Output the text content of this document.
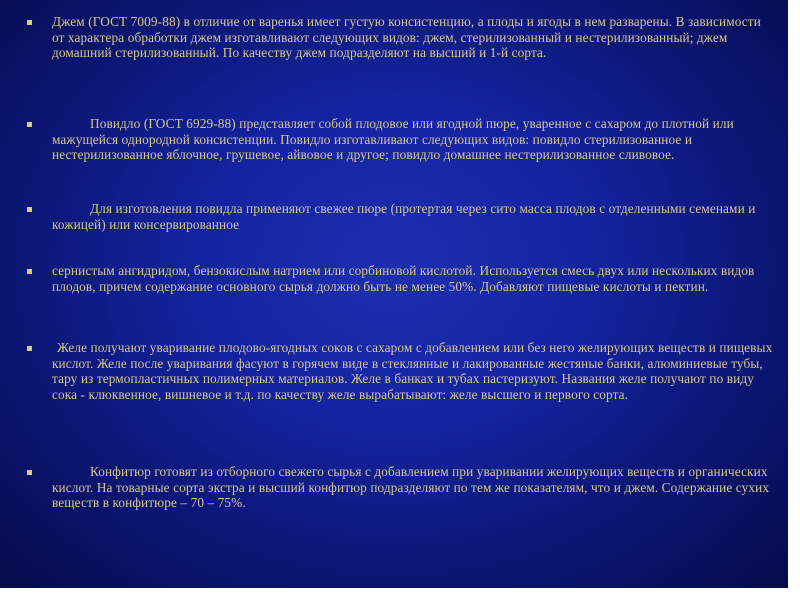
Джем (ГОСТ 7009-88) в отличие от варенья имеет густую консистенцию, а плоды и ягоды в нем разварены. В зависимости от характера обработки джем изготавливают следующих видов: джем, стерилизованный и нестерилизованный; джем домашний стерилизованный. По качеству джем подразделяют на высший и 1-й сорта.
Повидло (ГОСТ 6929-88) представляет собой плодовое или ягодной пюре, уваренное с сахаром до плотной или мажущейся однородной консистенции. Повидло изготавливают следующих видов: повидло стерилизованное и нестерилизованное яблочное, грушевое, айвовое и другое; повидло домашнее нестерилизованное сливовое.
Для изготовления повидла применяют свежее пюре (протертая через сито масса плодов с отделенными семенами и кожицей) или консервированное
сернистым ангидридом, бензокислым натрием или сорбиновой кислотой. Используется смесь двух или нескольких видов плодов, причем содержание основного сырья должно быть не менее 50%. Добавляют пищевые кислоты и пектин.
Желе получают уваривание плодово-ягодных соков с сахаром с добавлением или без него желирующих веществ и пищевых кислот. Желе после уваривания фасуют в горячем виде в стеклянные и лакированные жестяные банки, алюминиевые тубы, тару из термопластичных полимерных материалов. Желе в банках и тубах пастеризуют. Названия желе получают по виду сока - клюквенное, вишневое и т.д. по качеству желе вырабатывают: желе высшего и первого сорта.
Конфитюр готовят из отборного свежего сырья с добавлением при уваривании желирующих веществ и органических кислот. На товарные сорта экстра и высший конфитюр подразделяют по тем же показателям, что и джем. Содержание сухих веществ в конфитюре – 70 – 75%.
